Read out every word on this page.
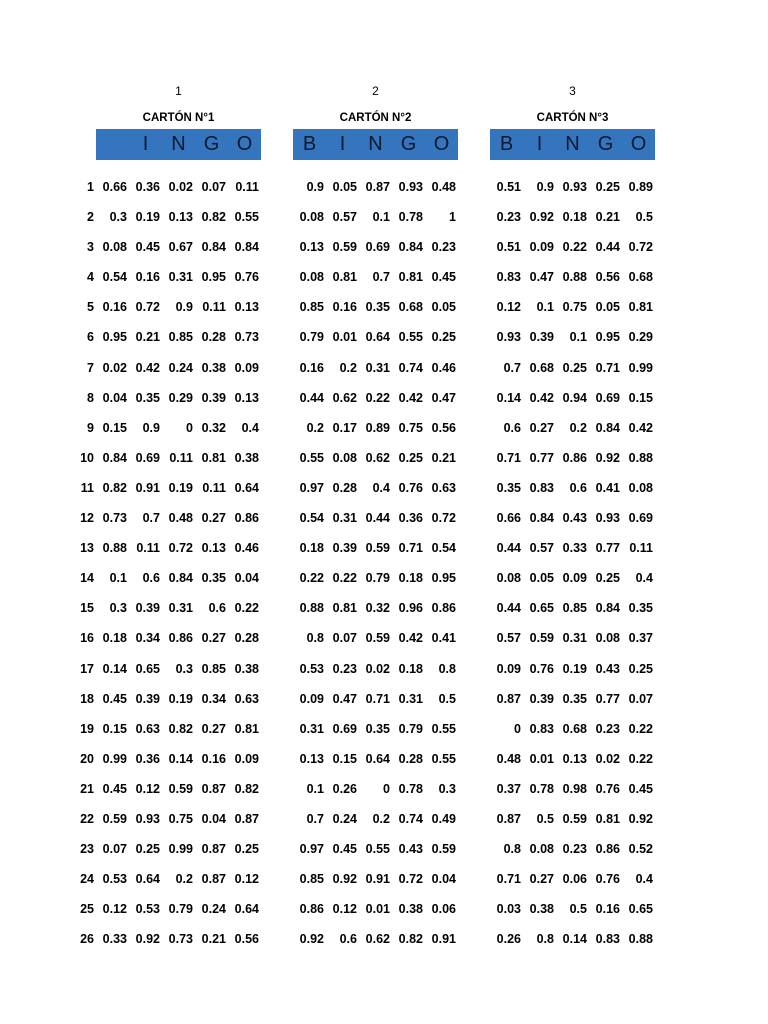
1
2
3
4
5
6
7
8
9
10
11
12
13
14
15
16
17
18
19
20
21
22
23
24
25
26
1
CARTÓN N°1
I	N G O
0.66 0.36 0.02 0.07 0.11
0.3 0.19 0.13 0.82 0.55
0.08 0.45 0.67 0.84 0.84
0.54 0.16 0.31 0.95 0.76
0.16 0.72	0.9 0.11 0.13
0.95 0.21 0.85 0.28 0.73
0.02 0.42 0.24 0.38 0.09
0.04 0.35 0.29 0.39 0.13
0.15	0.9	0 0.32	0.4
0.84 0.69 0.11 0.81 0.38
0.82 0.91 0.19 0.11 0.64
0.73	0.7 0.48 0.27 0.86
0.88 0.11 0.72 0.13 0.46
0.1	0.6 0.84 0.35 0.04
0.3 0.39 0.31	0.6 0.22
0.18 0.34 0.86 0.27 0.28
0.14 0.65	0.3 0.85 0.38
0.45 0.39 0.19 0.34 0.63
0.15 0.63 0.82 0.27 0.81
0.99 0.36 0.14 0.16 0.09
0.45 0.12 0.59 0.87 0.82
0.59 0.93 0.75 0.04 0.87
0.07 0.25 0.99 0.87 0.25
0.53 0.64	0.2 0.87 0.12
0.12 0.53 0.79 0.24 0.64
0.33 0.92 0.73 0.21 0.56
2
CARTÓN N°2
B	I	N G O
0.9 0.05 0.87 0.93 0.48
0.08 0.57	0.1 0.78	1
0.13 0.59 0.69 0.84 0.23
0.08 0.81	0.7 0.81 0.45
0.85 0.16 0.35 0.68 0.05
0.79 0.01 0.64 0.55 0.25
0.16	0.2 0.31 0.74 0.46
0.44 0.62 0.22 0.42 0.47
0.2 0.17 0.89 0.75 0.56
0.55 0.08 0.62 0.25 0.21
0.97 0.28	0.4 0.76 0.63
0.54 0.31 0.44 0.36 0.72
0.18 0.39 0.59 0.71 0.54
0.22 0.22 0.79 0.18 0.95
0.88 0.81 0.32 0.96 0.86
0.8 0.07 0.59 0.42 0.41
0.53 0.23 0.02 0.18	0.8
0.09 0.47 0.71 0.31	0.5
0.31 0.69 0.35 0.79 0.55
0.13 0.15 0.64 0.28 0.55
0.1 0.26	0 0.78	0.3
0.7 0.24	0.2 0.74 0.49
0.97 0.45 0.55 0.43 0.59
0.85 0.92 0.91 0.72 0.04
0.86 0.12 0.01 0.38 0.06
0.92	0.6 0.62 0.82 0.91
3
CARTÓN N°3
B	I	N G O
0.51	0.9 0.93 0.25 0.89
0.23 0.92 0.18 0.21	0.5
0.51 0.09 0.22 0.44 0.72
0.83 0.47 0.88 0.56 0.68
0.12	0.1 0.75 0.05 0.81
0.93 0.39	0.1 0.95 0.29
0.7 0.68 0.25 0.71 0.99
0.14 0.42 0.94 0.69 0.15
0.6 0.27	0.2 0.84 0.42
0.71 0.77 0.86 0.92 0.88
0.35 0.83	0.6 0.41 0.08
0.66 0.84 0.43 0.93 0.69
0.44 0.57 0.33 0.77 0.11
0.08 0.05 0.09 0.25	0.4
0.44 0.65 0.85 0.84 0.35
0.57 0.59 0.31 0.08 0.37
0.09 0.76 0.19 0.43 0.25
0.87 0.39 0.35 0.77 0.07
0 0.83 0.68 0.23 0.22
0.48 0.01 0.13 0.02 0.22
0.37 0.78 0.98 0.76 0.45
0.87	0.5 0.59 0.81 0.92
0.8 0.08 0.23 0.86 0.52
0.71 0.27 0.06 0.76	0.4
0.03 0.38	0.5 0.16 0.65
0.26	0.8 0.14 0.83 0.88
